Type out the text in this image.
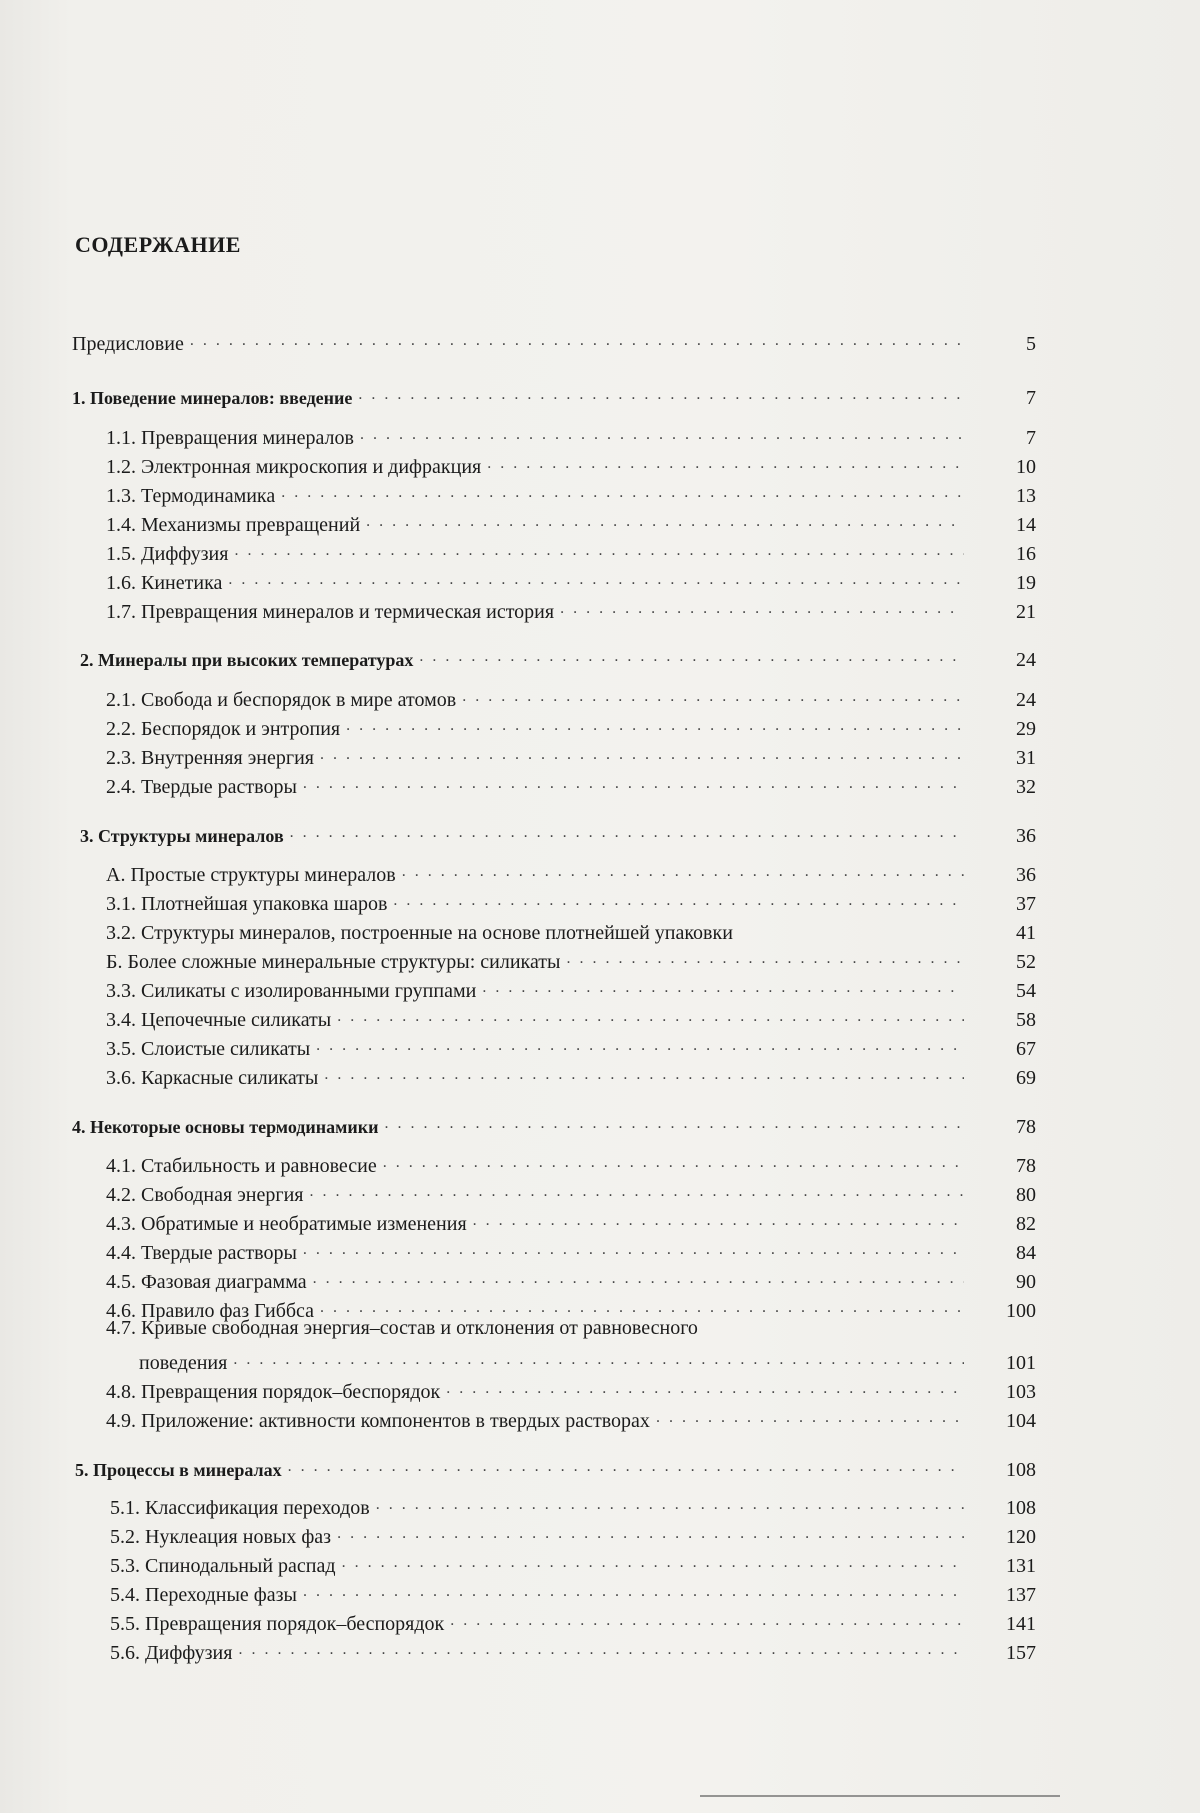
СОДЕРЖАНИЕ
Предисловие ...........................................................	5
1. Поведение минералов: введение ..............................................	7
1.1. Превращения минералов ..............................................	7
1.2. Электронная микроскопия и дифракция .......................................	10
1.3. Термодинамика .....................................................	13
1.4. Механизмы превращений ..............................................	14
1.5. Диффузия ..........................................................	16
1.6. Кинетика ..........................................................	19
1.7. Превращения минералов и термическая история ...............................	21
2. Минералы при высоких температурах .........................................	24
2.1. Свобода и беспорядок в мире атомов .......................................	24
2.2. Беспорядок и энтропия ................................................	29
2.3. Внутренняя энергия .................................................	31
2.4. Твердые растворы ..................................................	32
3. Структуры минералов ...................................................	36
А. Простые структуры минералов ...........................................	36
3.1. Плотнейшая упаковка шаров ...........................................	37
3.2. Структуры минералов, построенные на основе плотнейшей упаковки	41
Б. Более сложные минеральные структуры: силикаты ..............................	52
3.3. Силикаты с изолированными группами .......................................	54
3.4. Цепочечные силикаты ................................................	58
3.5. Слоистые силикаты ..................................................	67
3.6. Каркасные силикаты .................................................	69
4. Некоторые основы термодинамики ............................................	78
4.1. Стабильность и равновесие ............................................	78
4.2. Свободная энергия ..................................................	80
4.3. Обратимые и необратимые изменения .......................................	82
4.4. Твердые растворы ..................................................	84
4.5. Фазовая диаграмма ..................................................	90
4.6. Правило фаз Гиббса .................................................	100
4.7. Кривые свободная энергия–состав и отклонения от равновесного
поведения .......................................................... 101
4.8. Превращения порядок–беспорядок .......................................	103
4.9. Приложение: активности компонентов в твердых растворах ........................	104
5. Процессы в минералах ....................................................	108
5.1. Классификация переходов .............................................	108
5.2. Нуклеация новых фаз ................................................	120
5.3. Спинодальный распад ................................................	131
5.4. Переходные фазы ..................................................	137
5.5. Превращения порядок–беспорядок .......................................	141
5.6. Диффузия .......................................................	157
